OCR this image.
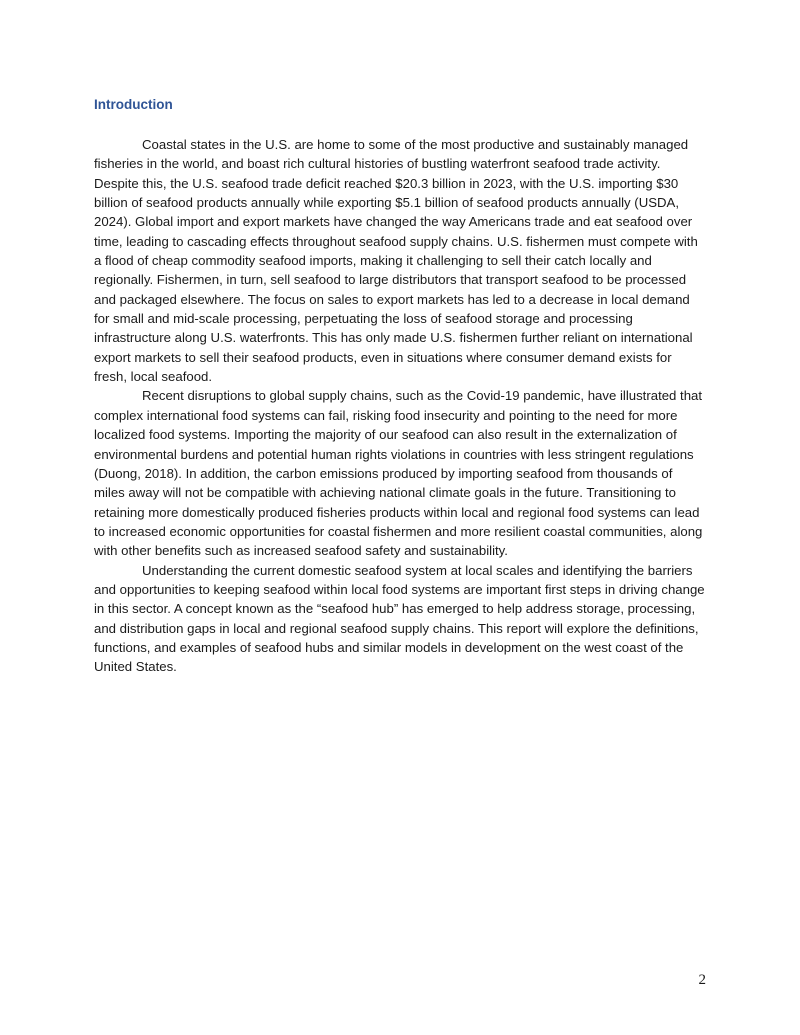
Introduction

Coastal states in the U.S. are home to some of the most productive and sustainably managed fisheries in the world, and boast rich cultural histories of bustling waterfront seafood trade activity. Despite this, the U.S. seafood trade deficit reached $20.3 billion in 2023, with the U.S. importing $30 billion of seafood products annually while exporting $5.1 billion of seafood products annually (USDA, 2024). Global import and export markets have changed the way Americans trade and eat seafood over time, leading to cascading effects throughout seafood supply chains. U.S. fishermen must compete with a flood of cheap commodity seafood imports, making it challenging to sell their catch locally and regionally. Fishermen, in turn, sell seafood to large distributors that transport seafood to be processed and packaged elsewhere. The focus on sales to export markets has led to a decrease in local demand for small and mid-scale processing, perpetuating the loss of seafood storage and processing infrastructure along U.S. waterfronts. This has only made U.S. fishermen further reliant on international export markets to sell their seafood products, even in situations where consumer demand exists for fresh, local seafood.

Recent disruptions to global supply chains, such as the Covid-19 pandemic, have illustrated that complex international food systems can fail, risking food insecurity and pointing to the need for more localized food systems. Importing the majority of our seafood can also result in the externalization of environmental burdens and potential human rights violations in countries with less stringent regulations (Duong, 2018). In addition, the carbon emissions produced by importing seafood from thousands of miles away will not be compatible with achieving national climate goals in the future. Transitioning to retaining more domestically produced fisheries products within local and regional food systems can lead to increased economic opportunities for coastal fishermen and more resilient coastal communities, along with other benefits such as increased seafood safety and sustainability.

Understanding the current domestic seafood system at local scales and identifying the barriers and opportunities to keeping seafood within local food systems are important first steps in driving change in this sector. A concept known as the “seafood hub” has emerged to help address storage, processing, and distribution gaps in local and regional seafood supply chains. This report will explore the definitions, functions, and examples of seafood hubs and similar models in development on the west coast of the United States.

2
